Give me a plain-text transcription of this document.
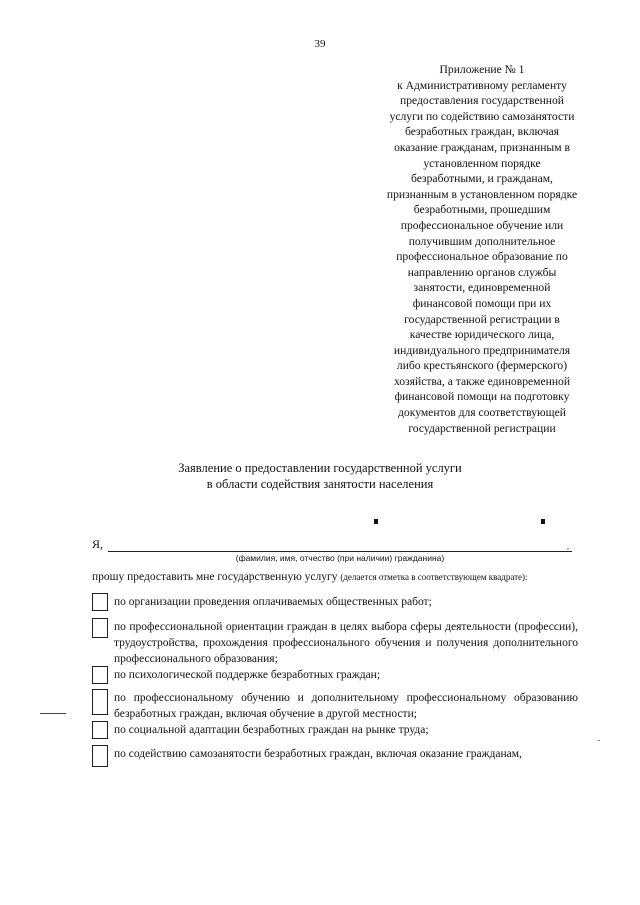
39
Приложение № 1
к Административному регламенту
предоставления государственной
услуги по содействию самозанятости
безработных граждан, включая
оказание гражданам, признанным в
установленном порядке
безработными, и гражданам,
признанным в установленном порядке
безработными, прошедшим
профессиональное обучение или
получившим дополнительное
профессиональное образование по
направлению органов службы
занятости, единовременной
финансовой помощи при их
государственной регистрации в
качестве юридического лица,
индивидуального предпринимателя
либо крестьянского (фермерского)
хозяйства, а также единовременной
финансовой помощи на подготовку
документов для соответствующей
государственной регистрации
Заявление о предоставлении государственной услуги
в области содействия занятости населения
Я,	,
(фамилия, имя, отчество (при наличии) гражданина)
прошу предоставить мне государственную услугу (делается отметка в соответствующем квадрате):
по организации проведения оплачиваемых общественных работ;
по профессиональной ориентации граждан в целях выбора сферы деятельности (профессии), трудоустройства, прохождения профессионального обучения и получения дополнительного профессионального образования;
по психологической поддержке безработных граждан;
по профессиональному обучению и дополнительному профессиональному образованию безработных граждан, включая обучение в другой местности;
по социальной адаптации безработных граждан на рынке труда;
по содействию самозанятости безработных граждан, включая оказание гражданам,
